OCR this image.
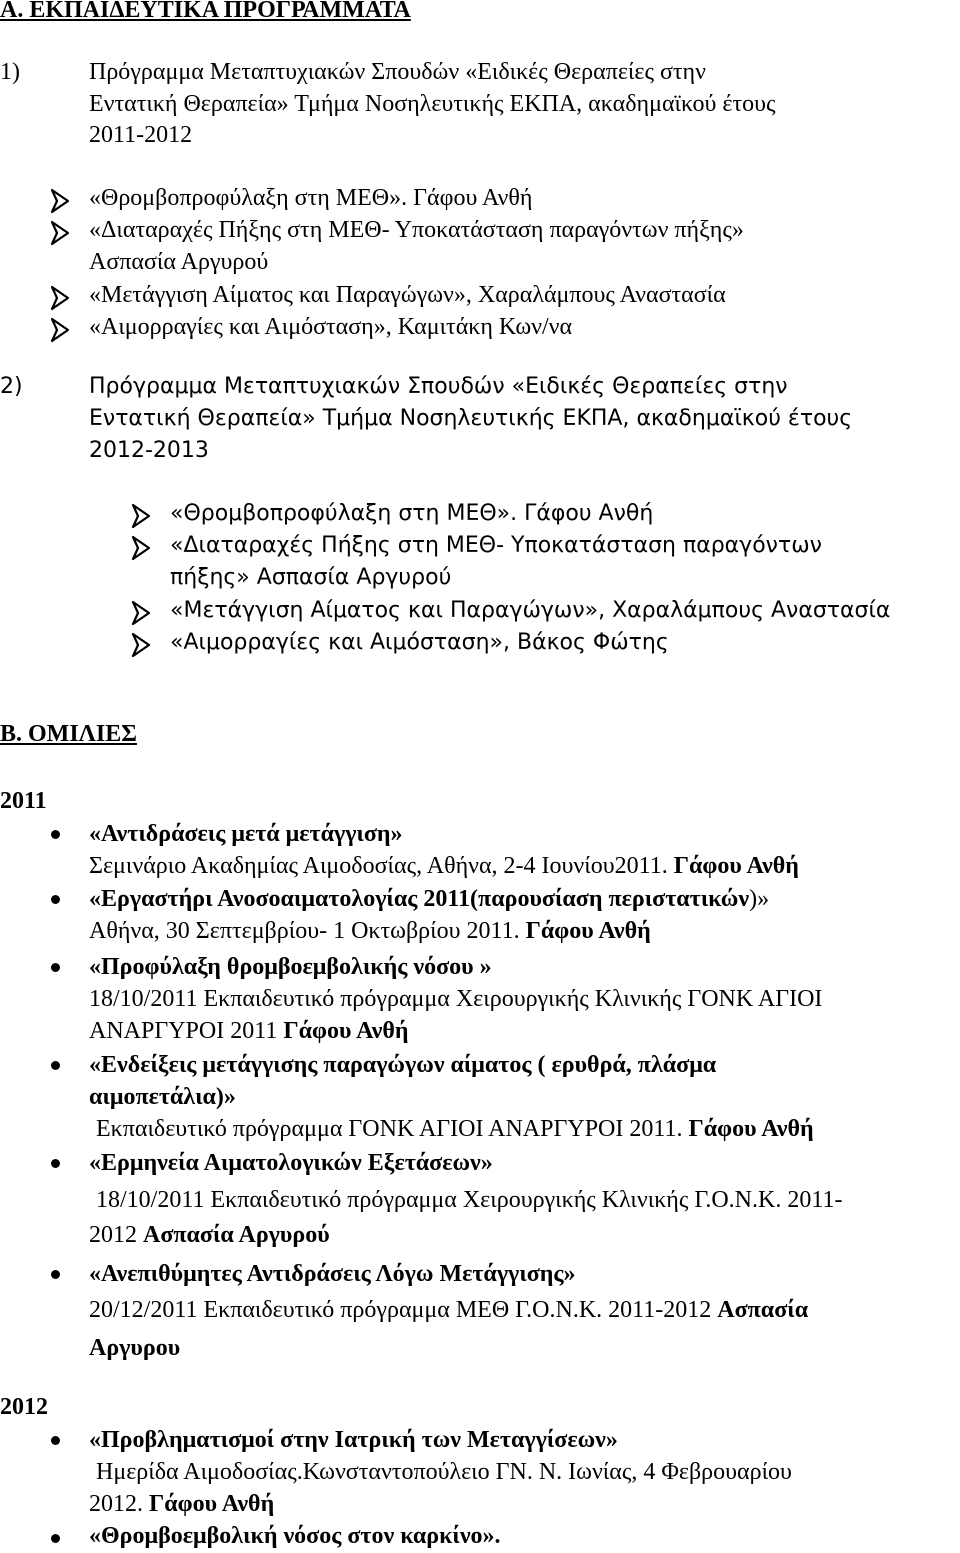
Α. ΕΚΠΑΙΔΕΥΤΙΚΑ ΠΡΟΓΡΑΜΜΑΤΑ
1)	Πρόγραμμα Μεταπτυχιακών Σπουδών «Ειδικές Θεραπείες στην
Εντατική Θεραπεία» Τμήμα Νοσηλευτικής ΕΚΠΑ, ακαδημαϊκού έτους
2011-2012
«Θρομβοπροφύλαξη στη ΜΕΘ». Γάφου Ανθή
«Διαταραχές Πήξης στη ΜΕΘ- Υποκατάσταση παραγόντων πήξης»
Ασπασία Αργυρού
«Μετάγγιση Αίματος και Παραγώγων», Χαραλάμπους Αναστασία
«Αιμορραγίες και Αιμόσταση», Καμιτάκη Κων/να
2)	Πρόγραμμα Μεταπτυχιακών Σπουδών «Ειδικές Θεραπείες στην
Εντατική Θεραπεία» Τμήμα Νοσηλευτικής ΕΚΠΑ, ακαδημαϊκού έτους
2012-2013
«Θρομβοπροφύλαξη στη ΜΕΘ». Γάφου Ανθή
«Διαταραχές Πήξης στη ΜΕΘ- Υποκατάσταση παραγόντων
πήξης» Ασπασία Αργυρού
«Μετάγγιση Αίματος και Παραγώγων», Χαραλάμπους Αναστασία
«Αιμορραγίες και Αιμόσταση», Βάκος Φώτης
Β. ΟΜΙΛΙΕΣ
2011
«Αντιδράσεις μετά μετάγγιση»
Σεμινάριο Ακαδημίας Αιμοδοσίας, Αθήνα, 2-4 Ιουνίου2011. Γάφου Ανθή
«Εργαστήρι Ανοσοαιματολογίας 2011(παρουσίαση περιστατικών)»
Αθήνα, 30 Σεπτεμβρίου- 1 Οκτωβρίου 2011. Γάφου Ανθή
«Προφύλαξη θρομβοεμβολικής νόσου »
18/10/2011 Εκπαιδευτικό πρόγραμμα Χειρουργικής Κλινικής ΓΟΝΚ ΑΓΙΟΙ
ΑΝΑΡΓΥΡΟΙ 2011 Γάφου Ανθή
«Ενδείξεις μετάγγισης παραγώγων αίματος ( ερυθρά, πλάσμα
αιμοπετάλια)»
Εκπαιδευτικό πρόγραμμα ΓΟΝΚ ΑΓΙΟΙ ΑΝΑΡΓΥΡΟΙ 2011. Γάφου Ανθή
«Ερμηνεία Αιματολογικών Εξετάσεων»
18/10/2011 Εκπαιδευτικό πρόγραμμα Χειρουργικής Κλινικής Γ.Ο.Ν.Κ. 2011-
2012 Ασπασία Αργυρού
«Ανεπιθύμητες Αντιδράσεις Λόγω Μετάγγισης»
20/12/2011 Εκπαιδευτικό πρόγραμμα ΜΕΘ Γ.Ο.Ν.Κ. 2011-2012 Ασπασία
Αργυρου
2012
«Προβληματισμοί στην Ιατρική των Μεταγγίσεων»
Ημερίδα Αιμοδοσίας.Κωνσταντοπούλειο ΓΝ. Ν. Ιωνίας, 4 Φεβρουαρίου
2012. Γάφου Ανθή
«Θρομβοεμβολική νόσος στον καρκίνο».
